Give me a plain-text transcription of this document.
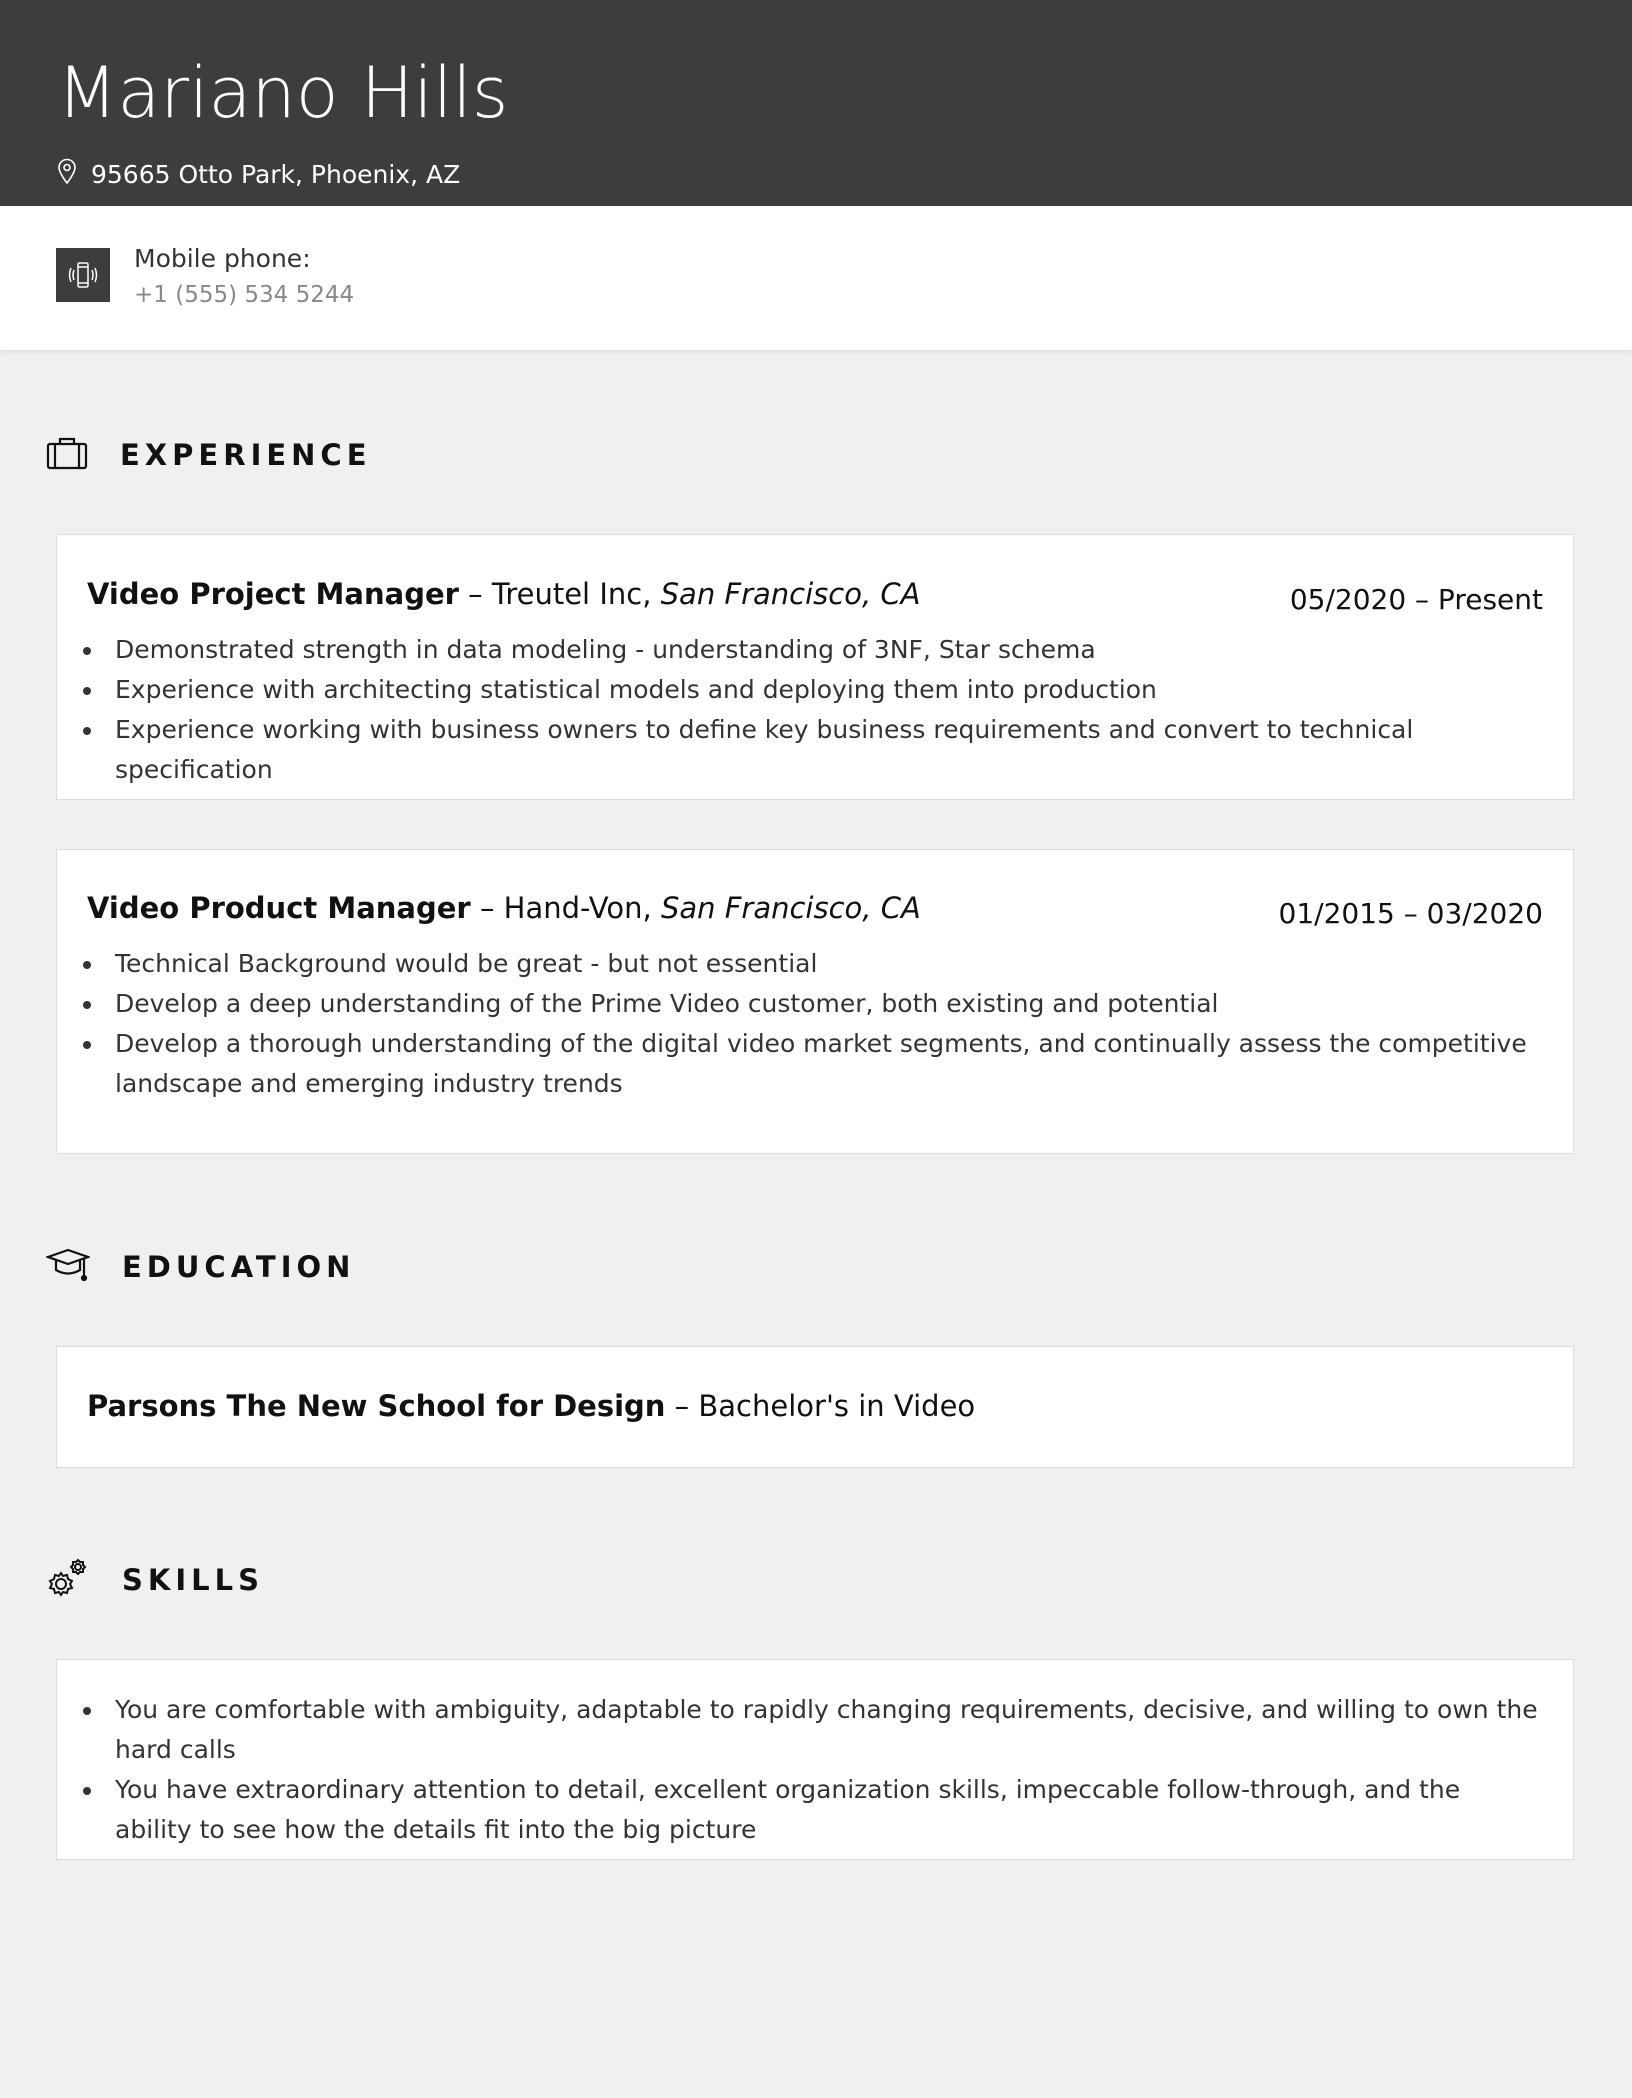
Mariano Hills
95665 Otto Park, Phoenix, AZ
Mobile phone:
+1 (555) 534 5244
EXPERIENCE
Video Project Manager – Treutel Inc, San Francisco, CA	05/2020 – Present
• Demonstrated strength in data modeling - understanding of 3NF, Star schema
• Experience with architecting statistical models and deploying them into production
• Experience working with business owners to define key business requirements and convert to technical specification
Video Product Manager – Hand-Von, San Francisco, CA	01/2015 – 03/2020
• Technical Background would be great - but not essential
• Develop a deep understanding of the Prime Video customer, both existing and potential
• Develop a thorough understanding of the digital video market segments, and continually assess the competitive landscape and emerging industry trends
EDUCATION
Parsons The New School for Design – Bachelor's in Video
SKILLS
• You are comfortable with ambiguity, adaptable to rapidly changing requirements, decisive, and willing to own the hard calls
• You have extraordinary attention to detail, excellent organization skills, impeccable follow-through, and the ability to see how the details fit into the big picture
